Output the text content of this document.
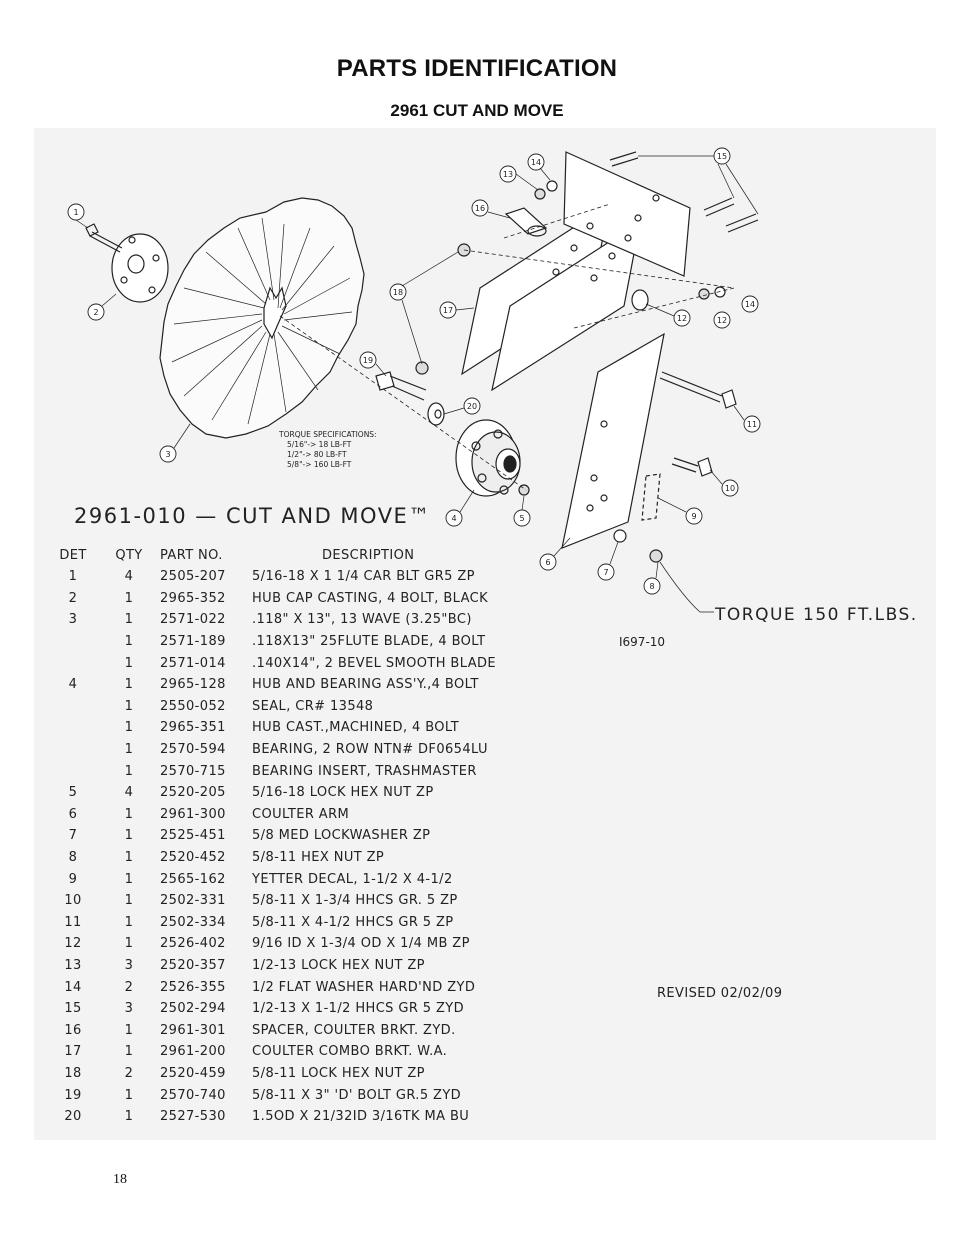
PARTS IDENTIFICATION
2961 CUT AND MOVE
1
2
3
4	5
6
7
8
9
10
11
12
13
14
15
16
17
18
19
20
12
14
TORQUE SPECIFICATIONS:
5/16"-> 18 LB-FT
1/2"-> 80 LB-FT
5/8"-> 160 LB-FT
2961-010 — CUT AND MOVE™
TORQUE 150 FT.LBS.
I697-10
DET	QTY	PART NO.	DESCRIPTION
1	4	2505-207	5/16-18 X 1 1/4 CAR BLT GR5 ZP
2	1	2965-352	HUB CAP CASTING, 4 BOLT, BLACK
3	1	2571-022	.118" X 13", 13 WAVE (3.25"BC)
	1	2571-189	.118X13" 25FLUTE BLADE, 4 BOLT
	1	2571-014	.140X14", 2 BEVEL SMOOTH BLADE
4	1	2965-128	HUB AND BEARING ASS'Y.,4 BOLT
	1	2550-052	SEAL, CR# 13548
	1	2965-351	HUB CAST.,MACHINED, 4 BOLT
	1	2570-594	BEARING, 2 ROW NTN# DF0654LU
	1	2570-715	BEARING INSERT, TRASHMASTER
5	4	2520-205	5/16-18 LOCK HEX NUT ZP
6	1	2961-300	COULTER ARM
7	1	2525-451	5/8 MED LOCKWASHER ZP
8	1	2520-452	5/8-11 HEX NUT ZP
9	1	2565-162	YETTER DECAL, 1-1/2 X 4-1/2
10	1	2502-331	5/8-11 X 1-3/4 HHCS GR. 5 ZP
11	1	2502-334	5/8-11 X 4-1/2 HHCS GR 5 ZP
12	1	2526-402	9/16 ID X 1-3/4 OD X 1/4 MB ZP
13	3	2520-357	1/2-13 LOCK HEX NUT ZP
14	2	2526-355	1/2 FLAT WASHER HARD'ND ZYD
15	3	2502-294	1/2-13 X 1-1/2 HHCS GR 5 ZYD
16	1	2961-301	SPACER, COULTER BRKT. ZYD.
17	1	2961-200	COULTER COMBO BRKT. W.A.
18	2	2520-459	5/8-11 LOCK HEX NUT ZP
19	1	2570-740	5/8-11 X 3" 'D' BOLT GR.5 ZYD
20	1	2527-530	1.5OD X 21/32ID 3/16TK MA BU
REVISED 02/02/09
18
